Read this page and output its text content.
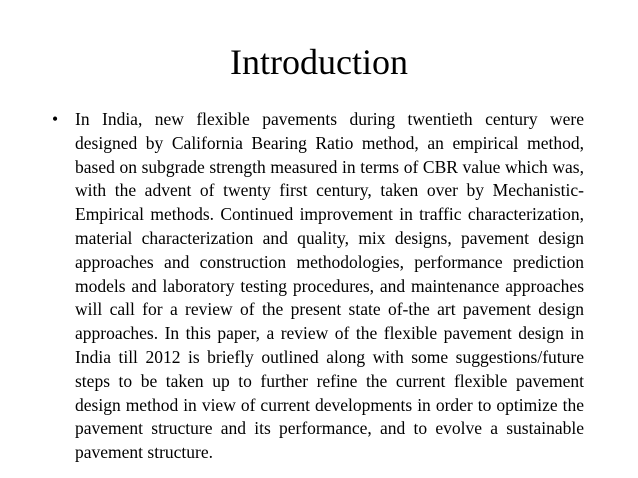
Introduction
• In India, new flexible pavements during twentieth century were designed by California Bearing Ratio method, an empirical method, based on subgrade strength measured in terms of CBR value which was, with the advent of twenty first century, taken over by Mechanistic-Empirical methods. Continued improvement in traffic characterization, material characterization and quality, mix designs, pavement design approaches and construction methodologies, performance prediction models and laboratory testing procedures, and maintenance approaches will call for a review of the present state of-the art pavement design approaches. In this paper, a review of the flexible pavement design in India till 2012 is briefly outlined along with some suggestions/future steps to be taken up to further refine the current flexible pavement design method in view of current developments in order to optimize the pavement structure and its performance, and to evolve a sustainable pavement structure.
